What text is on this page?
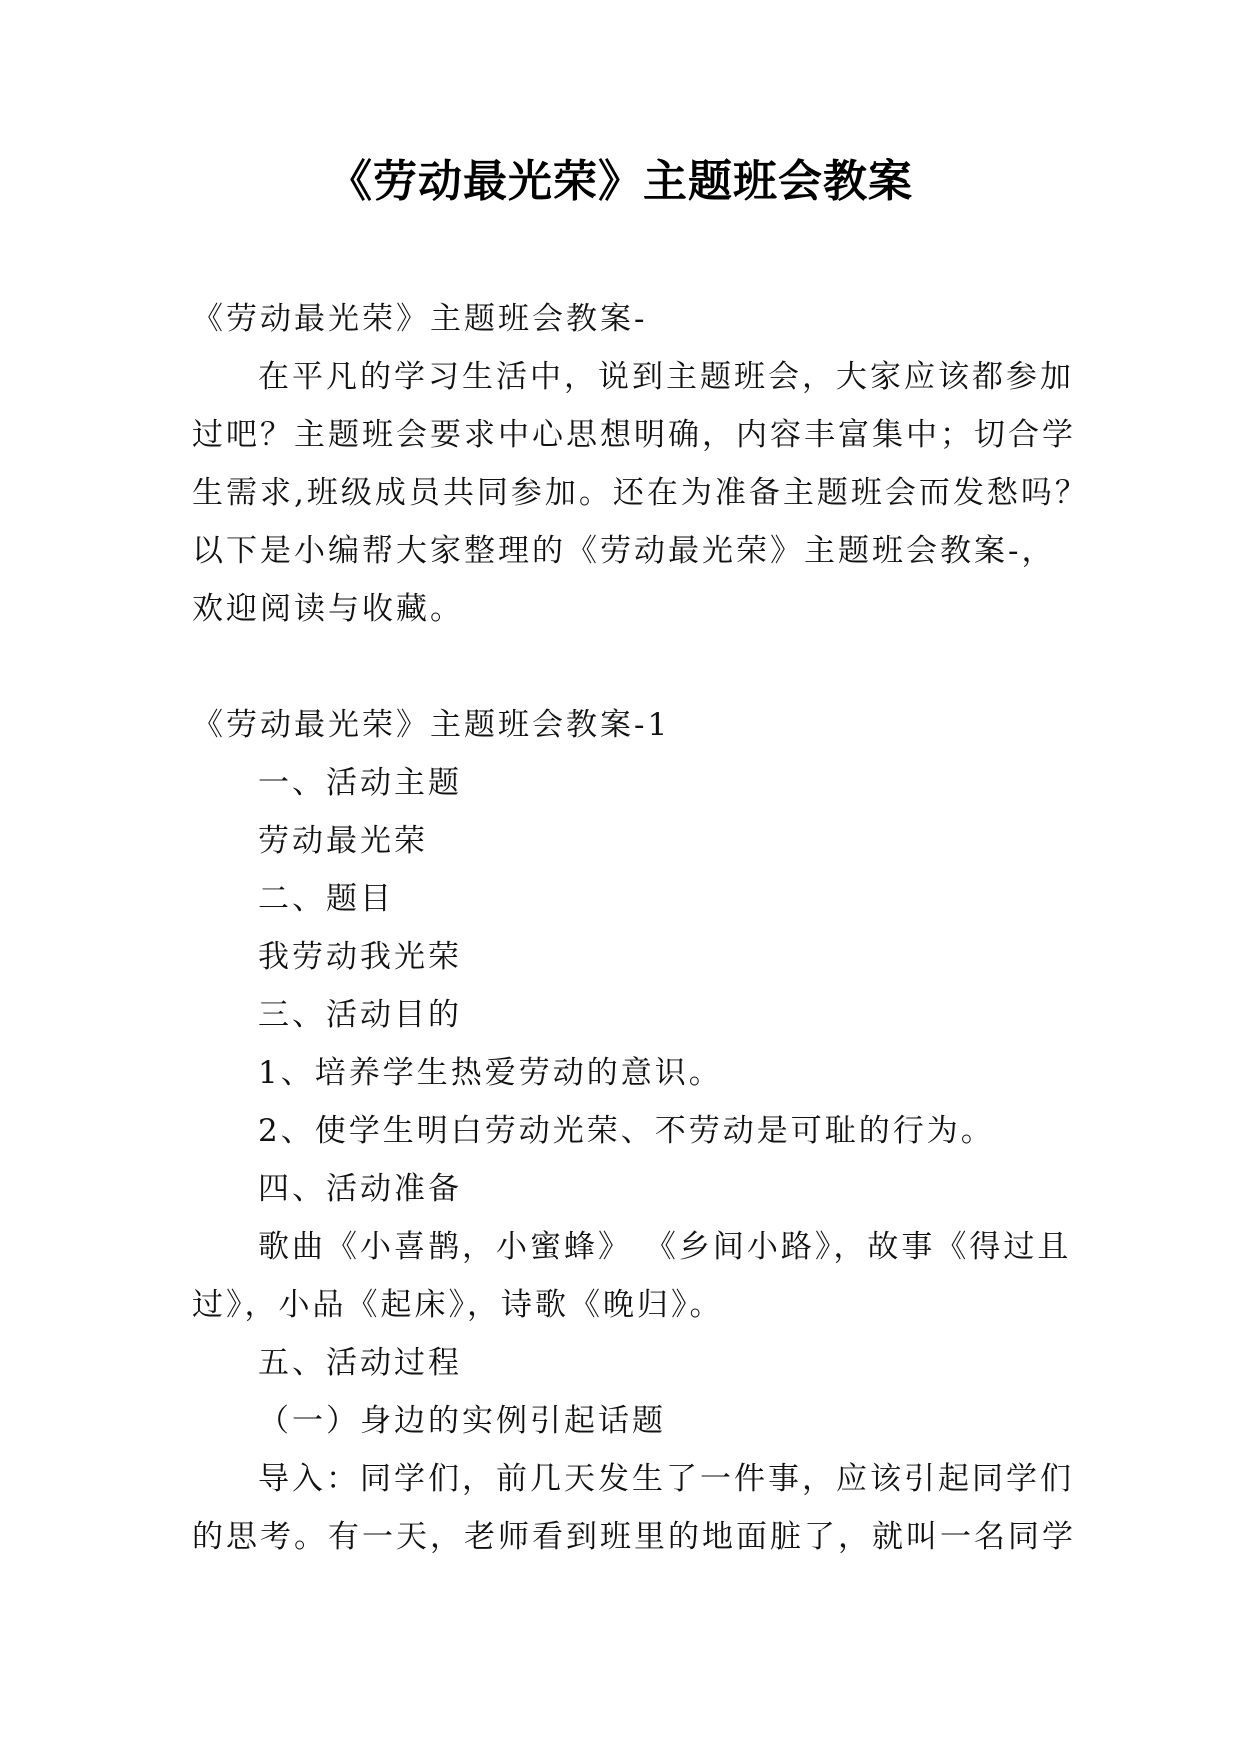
《劳动最光荣》主题班会教案

《劳动最光荣》主题班会教案-

在平凡的学习生活中，说到主题班会，大家应该都参加

过吧？主题班会要求中心思想明确，内容丰富集中；切合学

生需求,班级成员共同参加。还在为准备主题班会而发愁吗？

以下是小编帮大家整理的《劳动最光荣》主题班会教案-，

欢迎阅读与收藏。

《劳动最光荣》主题班会教案-1

一、活动主题

劳动最光荣

二、题目

我劳动我光荣

三、活动目的

1、培养学生热爱劳动的意识。

2、使学生明白劳动光荣、不劳动是可耻的行为。

四、活动准备

歌曲《小喜鹊，小蜜蜂》 《乡间小路》，故事《得过且

过》，小品《起床》，诗歌《晚归》。

五、活动过程

（一）身边的实例引起话题

导入：同学们，前几天发生了一件事，应该引起同学们

的思考。有一天，老师看到班里的地面脏了，就叫一名同学
